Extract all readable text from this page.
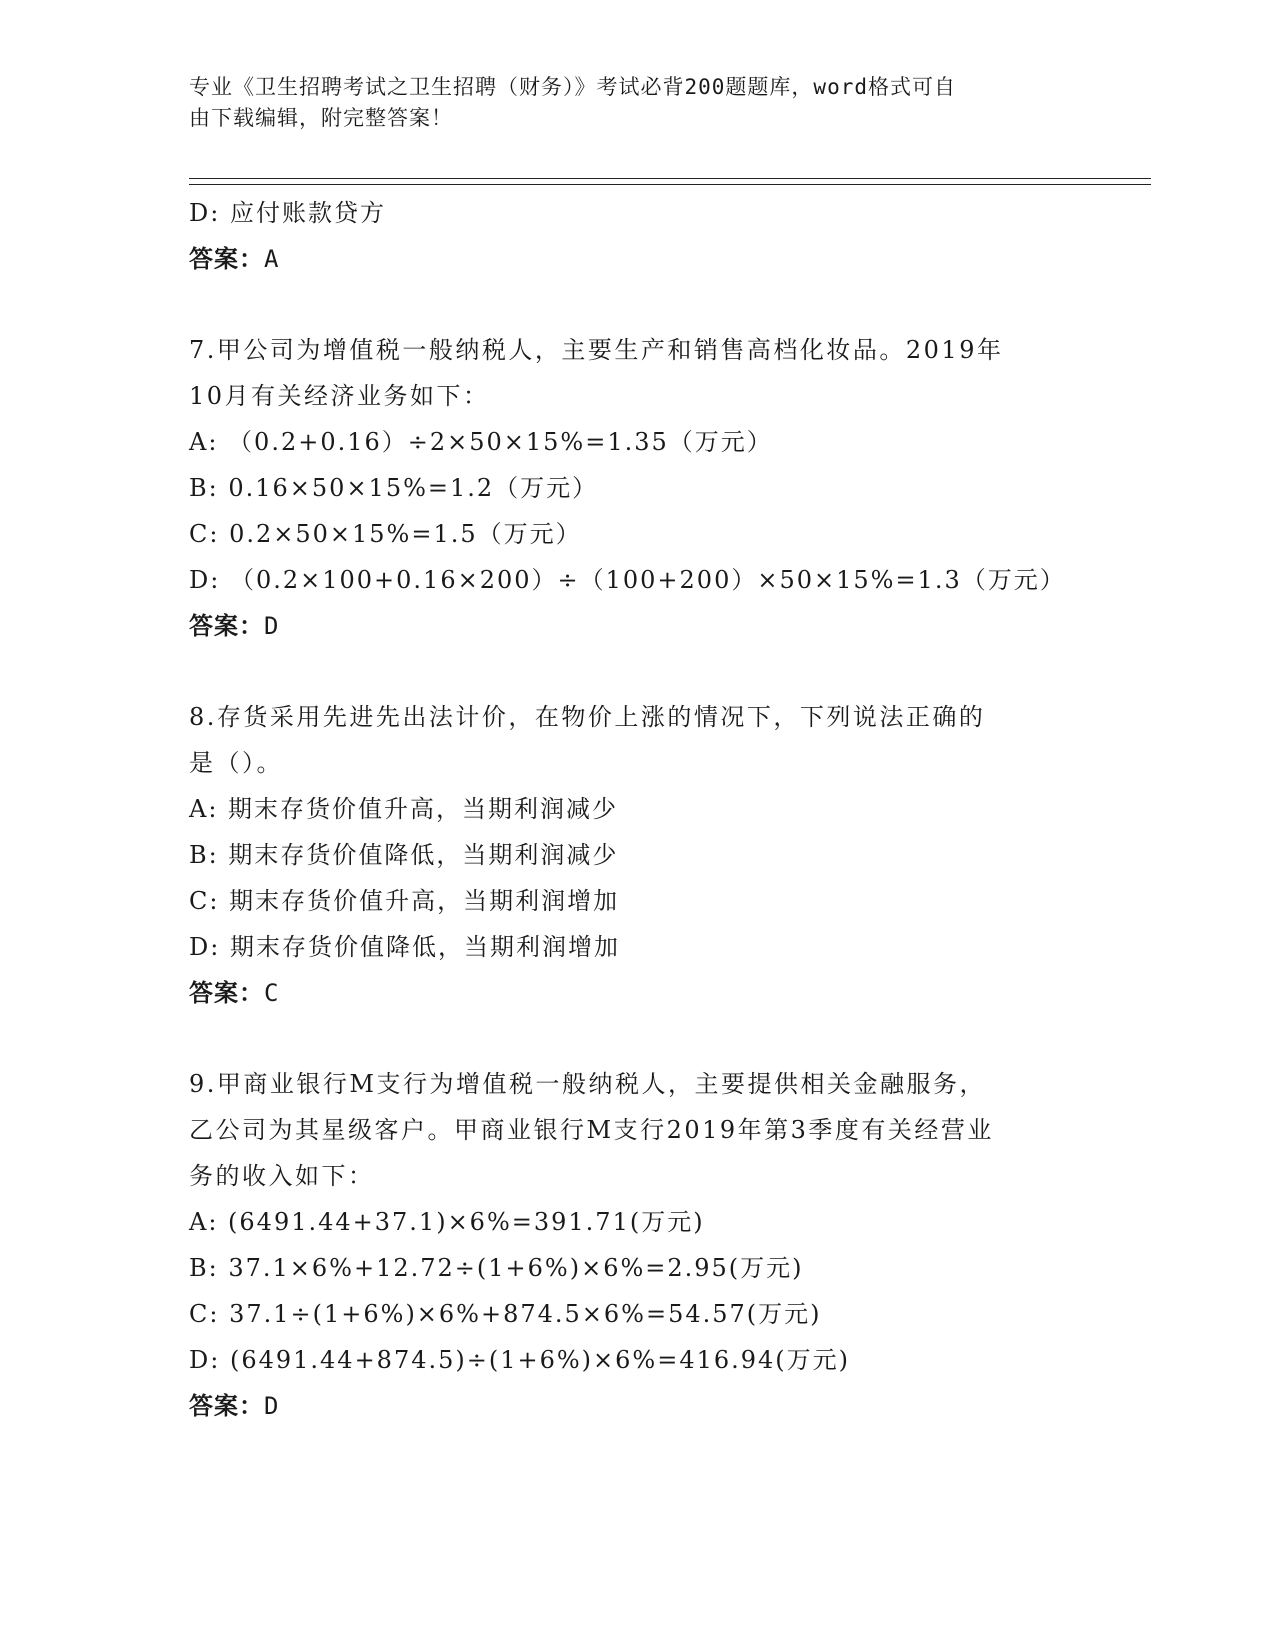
专业《卫生招聘考试之卫生招聘（财务）》考试必背200题题库，word格式可自
由下载编辑，附完整答案！
D: 应付账款贷方
答案：A
7.甲公司为增值税一般纳税人，主要生产和销售高档化妆品。2019年
10月有关经济业务如下：
A: （0.2+0.16）÷2×50×15%=1.35（万元）
B: 0.16×50×15%=1.2（万元）
C: 0.2×50×15%=1.5（万元）
D: （0.2×100+0.16×200）÷（100+200）×50×15%=1.3（万元）
答案：D
8.存货采用先进先出法计价，在物价上涨的情况下，下列说法正确的
是（）。
A: 期末存货价值升高，当期利润减少
B: 期末存货价值降低，当期利润减少
C: 期末存货价值升高，当期利润增加
D: 期末存货价值降低，当期利润增加
答案：C
9.甲商业银行M支行为增值税一般纳税人，主要提供相关金融服务，
乙公司为其星级客户。甲商业银行M支行2019年第3季度有关经营业
务的收入如下：
A: (6491.44+37.1)×6%=391.71(万元)
B: 37.1×6%+12.72÷(1+6%)×6%=2.95(万元)
C: 37.1÷(1+6%)×6%+874.5×6%=54.57(万元)
D: (6491.44+874.5)÷(1+6%)×6%=416.94(万元)
答案：D
